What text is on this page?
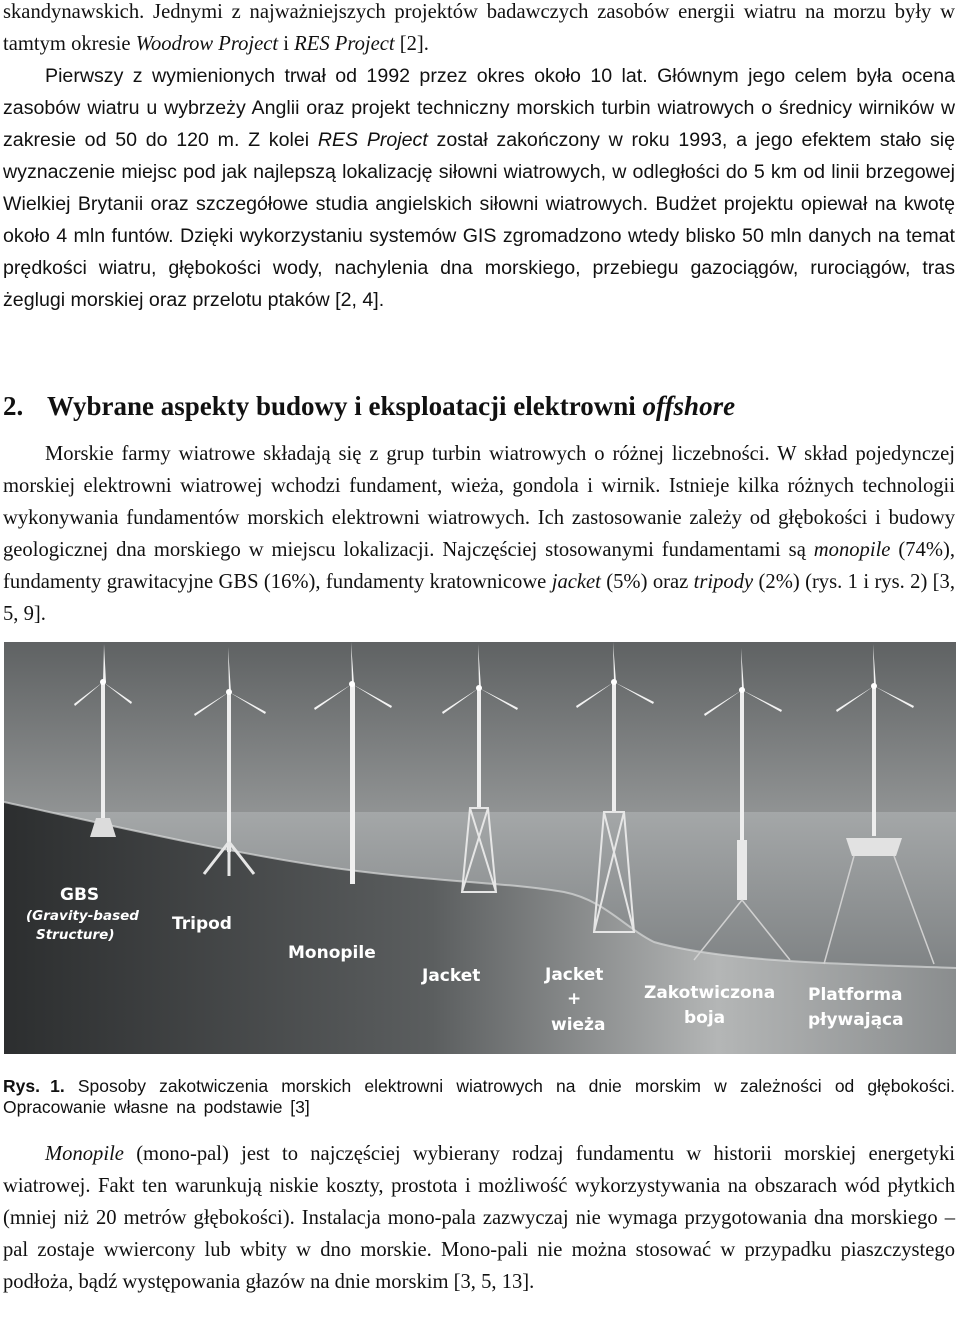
skandynawskich. Jednymi z najważniejszych projektów badawczych zasobów energii wiatru na morzu były w tamtym okresie Woodrow Project i RES Project [2].

Pierwszy z wymienionych trwał od 1992 przez okres około 10 lat. Głównym jego celem była ocena zasobów wiatru u wybrzeży Anglii oraz projekt techniczny morskich turbin wiatrowych o średnicy wirników w zakresie od 50 do 120 m. Z kolei RES Project został zakończony w roku 1993, a jego efektem stało się wyznaczenie miejsc pod jak najlepszą lokalizację siłowni wiatrowych, w odległości do 5 km od linii brzegowej Wielkiej Brytanii oraz szczegółowe studia angielskich siłowni wiatrowych. Budżet projektu opiewał na kwotę około 4 mln funtów. Dzięki wykorzystaniu systemów GIS zgromadzono wtedy blisko 50 mln danych na temat prędkości wiatru, głębokości wody, nachylenia dna morskiego, przebiegu gazociągów, rurociągów, tras żeglugi morskiej oraz przelotu ptaków [2, 4].

2. Wybrane aspekty budowy i eksploatacji elektrowni offshore

Morskie farmy wiatrowe składają się z grup turbin wiatrowych o różnej liczebności. W skład pojedynczej morskiej elektrowni wiatrowej wchodzi fundament, wieża, gondola i wirnik. Istnieje kilka różnych technologii wykonywania fundamentów morskich elektrowni wiatrowych. Ich zastosowanie zależy od głębokości i budowy geologicznej dna morskiego w miejscu lokalizacji. Najczęściej stosowanymi fundamentami są monopile (74%), fundamenty grawitacyjne GBS (16%), fundamenty kratownicowe jacket (5%) oraz tripody (2%) (rys. 1 i rys. 2) [3, 5, 9].

GBS
(Gravity-based
Structure)
Tripod
Monopile
Jacket	Jacket
+
wieża
Zakotwiczona
boja
Platforma
pływająca

Rys. 1. Sposoby zakotwiczenia morskich elektrowni wiatrowych na dnie morskim w zależności od głębokości. Opracowanie własne na podstawie [3]

Monopile (mono-pal) jest to najczęściej wybierany rodzaj fundamentu w historii morskiej energetyki wiatrowej. Fakt ten warunkują niskie koszty, prostota i możliwość wykorzystywania na obszarach wód płytkich (mniej niż 20 metrów głębokości). Instalacja mono-pala zazwyczaj nie wymaga przygotowania dna morskiego – pal zostaje wwiercony lub wbity w dno morskie. Mono-pali nie można stosować w przypadku piaszczystego podłoża, bądź występowania głazów na dnie morskim [3, 5, 13].
